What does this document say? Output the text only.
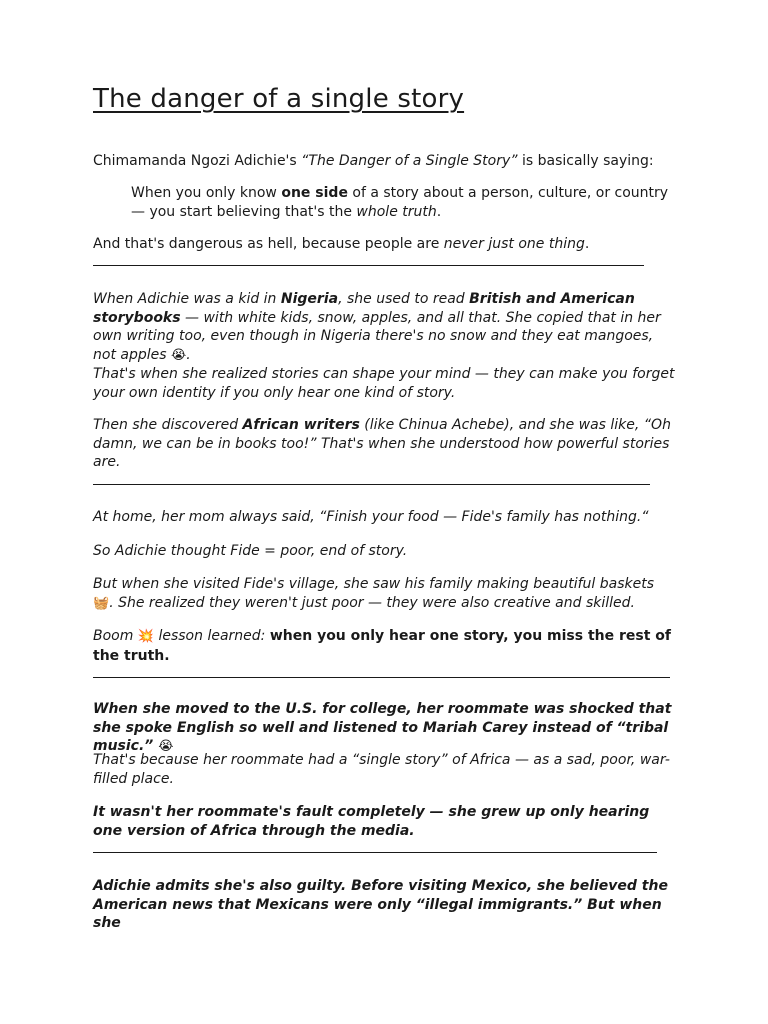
The danger of a single story

Chimamanda Ngozi Adichie's “The Danger of a Single Story” is basically saying:

When you only know one side of a story about a person, culture, or country — you start believing that's the whole truth.

And that's dangerous as hell, because people are never just one thing.

When Adichie was a kid in Nigeria, she used to read British and American storybooks — with white kids, snow, apples, and all that. She copied that in her own writing too, even though in Nigeria there's no snow and they eat mangoes, not apples 😭.
That's when she realized stories can shape your mind — they can make you forget your own identity if you only hear one kind of story.

Then she discovered African writers (like Chinua Achebe), and she was like, “Oh damn, we can be in books too!” That's when she understood how powerful stories are.

At home, her mom always said, “Finish your food — Fide's family has nothing.“

So Adichie thought Fide = poor, end of story.

But when she visited Fide's village, she saw his family making beautiful baskets 🧺. She realized they weren't just poor — they were also creative and skilled.

Boom 💥 lesson learned: when you only hear one story, you miss the rest of the truth.

When she moved to the U.S. for college, her roommate was shocked that she spoke English so well and listened to Mariah Carey instead of “tribal music.” 😭

That's because her roommate had a “single story” of Africa — as a sad, poor, war-filled place.

It wasn't her roommate's fault completely — she grew up only hearing one version of Africa through the media.

Adichie admits she's also guilty. Before visiting Mexico, she believed the American news that Mexicans were only “illegal immigrants.” But when she
